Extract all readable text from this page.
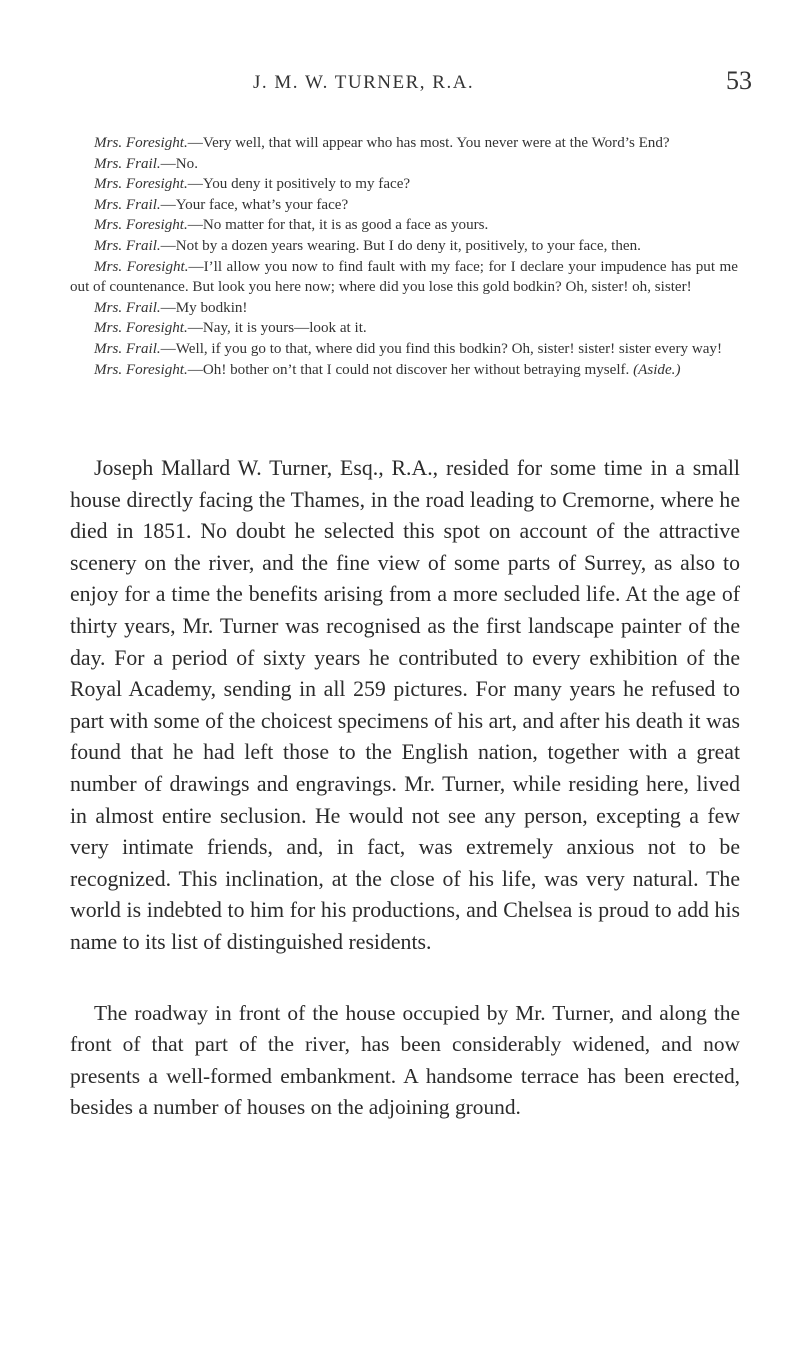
J. M. W. TURNER, R.A.	53

Mrs. Foresight.—Very well, that will appear who has most. You never were at the Word’s End?

Mrs. Frail.—No.

Mrs. Foresight.—You deny it positively to my face?

Mrs. Frail.—Your face, what’s your face?

Mrs. Foresight.—No matter for that, it is as good a face as yours.

Mrs. Frail.—Not by a dozen years wearing. But I do deny it, positively, to your face, then.

Mrs. Foresight.—I’ll allow you now to find fault with my face; for I declare your impudence has put me out of countenance. But look you here now; where did you lose this gold bodkin? Oh, sister! oh, sister!

Mrs. Frail.—My bodkin!

Mrs. Foresight.—Nay, it is yours—look at it.

Mrs. Frail.—Well, if you go to that, where did you find this bodkin? Oh, sister! sister! sister every way!

Mrs. Foresight.—Oh! bother on’t that I could not discover her without betraying myself. (Aside.)

Joseph Mallard W. Turner, Esq., R.A., resided for some time in a small house directly facing the Thames, in the road leading to Cremorne, where he died in 1851. No doubt he selected this spot on account of the attractive scenery on the river, and the fine view of some parts of Surrey, as also to enjoy for a time the benefits arising from a more secluded life. At the age of thirty years, Mr. Turner was recognised as the first landscape painter of the day. For a period of sixty years he contributed to every exhibition of the Royal Academy, sending in all 259 pictures. For many years he refused to part with some of the choicest specimens of his art, and after his death it was found that he had left those to the English nation, together with a great number of drawings and engravings. Mr. Turner, while residing here, lived in almost entire seclusion. He would not see any person, excepting a few very intimate friends, and, in fact, was extremely anxious not to be recognized. This inclination, at the close of his life, was very natural. The world is indebted to him for his productions, and Chelsea is proud to add his name to its list of distinguished residents.

The roadway in front of the house occupied by Mr. Turner, and along the front of that part of the river, has been considerably widened, and now presents a well-formed embankment. A handsome terrace has been erected, besides a number of houses on the adjoining ground.
